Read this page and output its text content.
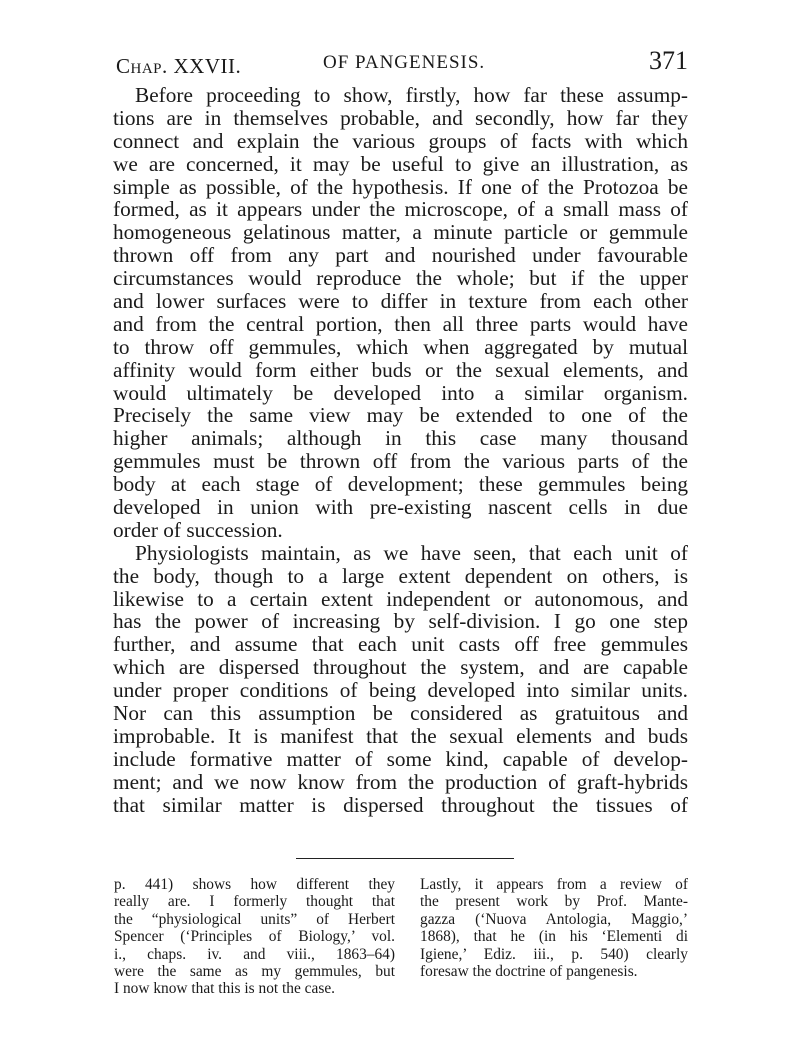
Chap. XXVII.	OF PANGENESIS.	371
Before proceeding to show, firstly, how far these assump-
tions are in themselves probable, and secondly, how far they
connect and explain the various groups of facts with which
we are concerned, it may be useful to give an illustration, as
simple as possible, of the hypothesis. If one of the Protozoa be
formed, as it appears under the microscope, of a small mass of
homogeneous gelatinous matter, a minute particle or gemmule
thrown off from any part and nourished under favourable
circumstances would reproduce the whole; but if the upper
and lower surfaces were to differ in texture from each other
and from the central portion, then all three parts would have
to throw off gemmules, which when aggregated by mutual
affinity would form either buds or the sexual elements, and
would ultimately be developed into a similar organism.
Precisely the same view may be extended to one of the
higher animals; although in this case many thousand
gemmules must be thrown off from the various parts of the
body at each stage of development; these gemmules being
developed in union with pre-existing nascent cells in due
order of succession.
Physiologists maintain, as we have seen, that each unit of
the body, though to a large extent dependent on others, is
likewise to a certain extent independent or autonomous, and
has the power of increasing by self-division. I go one step
further, and assume that each unit casts off free gemmules
which are dispersed throughout the system, and are capable
under proper conditions of being developed into similar units.
Nor can this assumption be considered as gratuitous and
improbable. It is manifest that the sexual elements and buds
include formative matter of some kind, capable of develop-
ment; and we now know from the production of graft-hybrids
that similar matter is dispersed throughout the tissues of
p. 441) shows how different they
really are. I formerly thought that
the “physiological units” of Herbert
Spencer (‘Principles of Biology,’ vol.
i., chaps. iv. and viii., 1863–64)
were the same as my gemmules, but
I now know that this is not the case.
Lastly, it appears from a review of
the present work by Prof. Mante-
gazza (‘Nuova Antologia, Maggio,’
1868), that he (in his ‘Elementi di
Igiene,’ Ediz. iii., p. 540) clearly
foresaw the doctrine of pangenesis.
